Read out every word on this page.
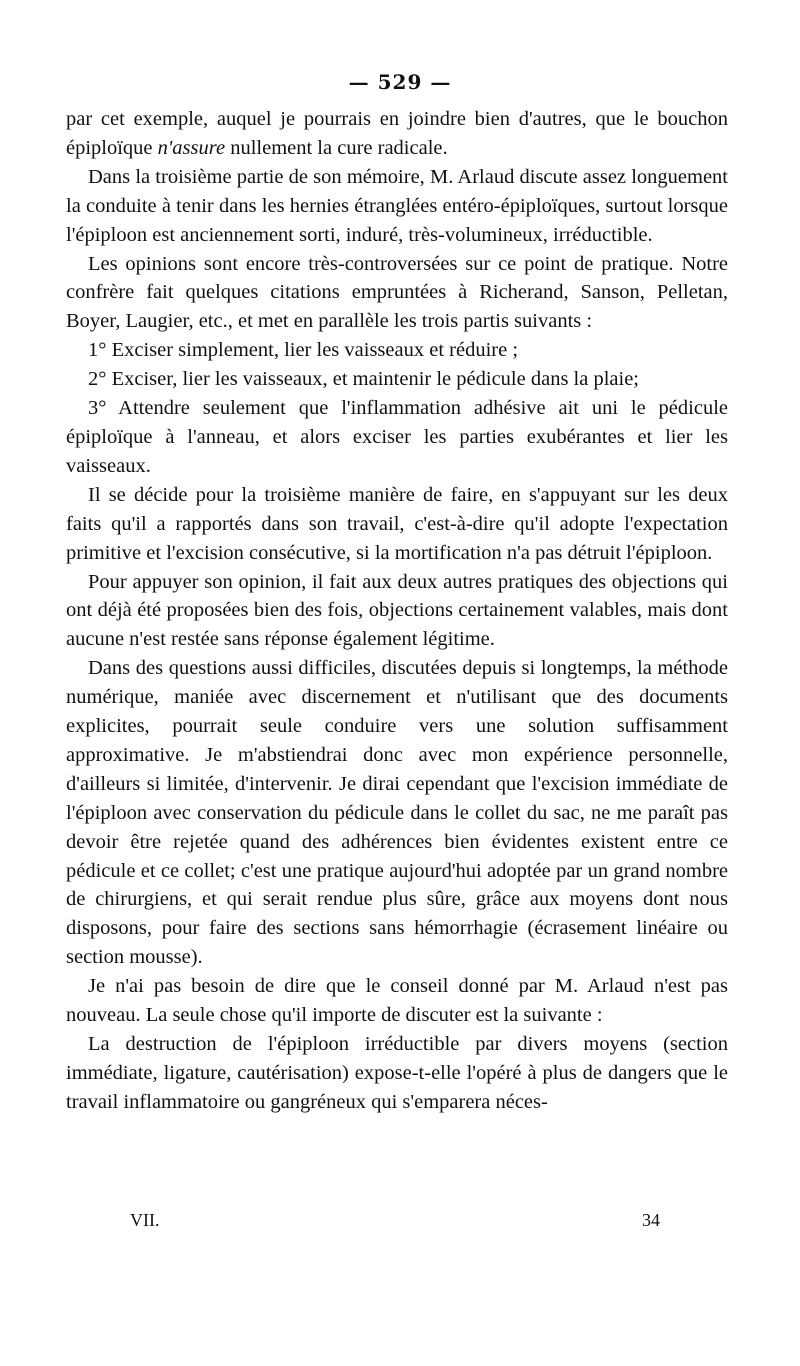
— 529 —

par cet exemple, auquel je pourrais en joindre bien d'autres, que le bouchon épiploïque n'assure nullement la cure radicale.

Dans la troisième partie de son mémoire, M. Arlaud discute assez longuement la conduite à tenir dans les hernies étranglées entéro-épiploïques, surtout lorsque l'épiploon est anciennement sorti, induré, très-volumineux, irréductible.

Les opinions sont encore très-controversées sur ce point de pratique. Notre confrère fait quelques citations empruntées à Richerand, Sanson, Pelletan, Boyer, Laugier, etc., et met en parallèle les trois partis suivants :

1° Exciser simplement, lier les vaisseaux et réduire ;

2° Exciser, lier les vaisseaux, et maintenir le pédicule dans la plaie;

3° Attendre seulement que l'inflammation adhésive ait uni le pédicule épiploïque à l'anneau, et alors exciser les parties exubérantes et lier les vaisseaux.

Il se décide pour la troisième manière de faire, en s'appuyant sur les deux faits qu'il a rapportés dans son travail, c'est-à-dire qu'il adopte l'expectation primitive et l'excision consécutive, si la mortification n'a pas détruit l'épiploon.

Pour appuyer son opinion, il fait aux deux autres pratiques des objections qui ont déjà été proposées bien des fois, objections certainement valables, mais dont aucune n'est restée sans réponse également légitime.

Dans des questions aussi difficiles, discutées depuis si longtemps, la méthode numérique, maniée avec discernement et n'utilisant que des documents explicites, pourrait seule conduire vers une solution suffisamment approximative. Je m'abstiendrai donc avec mon expérience personnelle, d'ailleurs si limitée, d'intervenir. Je dirai cependant que l'excision immédiate de l'épiploon avec conservation du pédicule dans le collet du sac, ne me paraît pas devoir être rejetée quand des adhérences bien évidentes existent entre ce pédicule et ce collet; c'est une pratique aujourd'hui adoptée par un grand nombre de chirurgiens, et qui serait rendue plus sûre, grâce aux moyens dont nous disposons, pour faire des sections sans hémorrhagie (écrasement linéaire ou section mousse).

Je n'ai pas besoin de dire que le conseil donné par M. Arlaud n'est pas nouveau. La seule chose qu'il importe de discuter est la suivante :

La destruction de l'épiploon irréductible par divers moyens (section immédiate, ligature, cautérisation) expose-t-elle l'opéré à plus de dangers que le travail inflammatoire ou gangréneux qui s'emparera néces-

VII.	34
